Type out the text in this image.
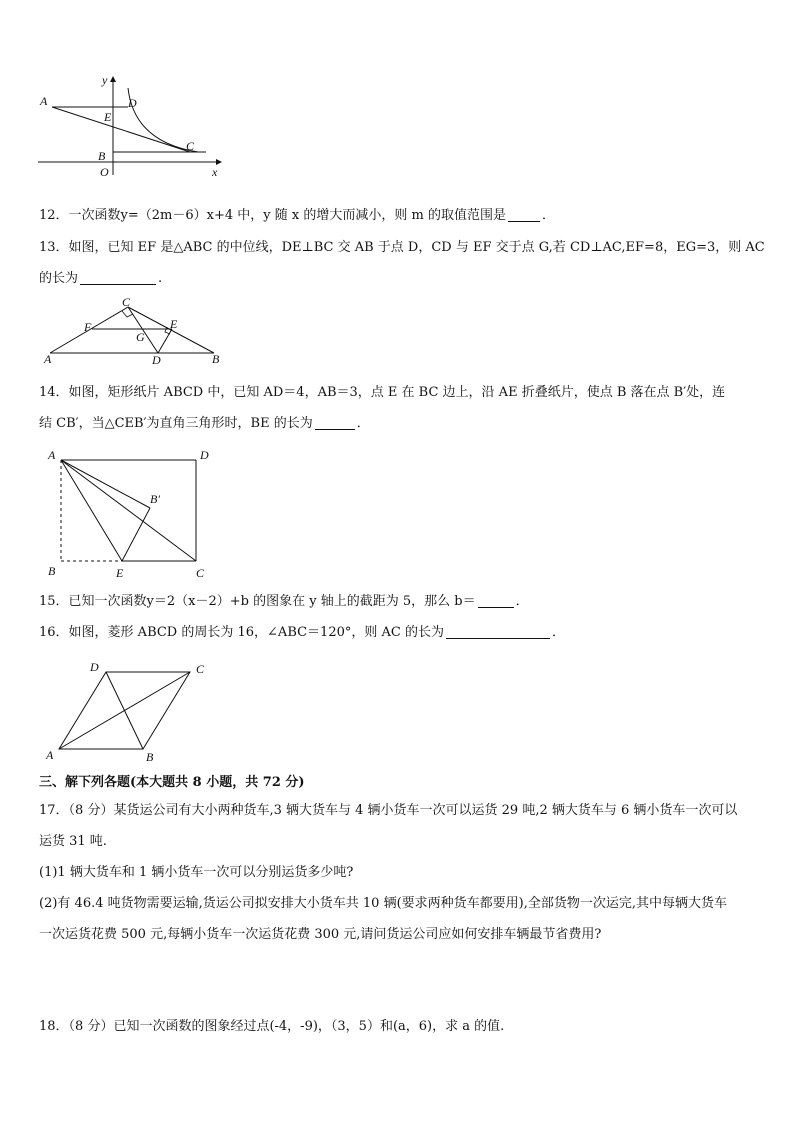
y
x
A	D
E
C
B
O
12．一次函数y=（2m－6）x+4 中，y 随 x 的增大而减小，则 m 的取值范围是	．
13．如图，已知 EF 是△ABC 的中位线，DE⊥BC 交 AB 于点 D，CD 与 EF 交于点 G,若 CD⊥AC,EF=8，EG=3，则 AC
的长为	.
C
F	E
G
A	D	B
14．如图，矩形纸片 ABCD 中，已知 AD＝4，AB＝3，点 E 在 BC 边上，沿 AE 折叠纸片，使点 B 落在点 B′处，连
结 CB′，当△CEB′为直角三角形时，BE 的长为	．
A	D
B′
B	E	C
15．已知一次函数y＝2（x－2）+b 的图象在 y 轴上的截距为 5，那么 b＝	．
16．如图，菱形 ABCD 的周长为 16，∠ABC＝120°，则 AC 的长为	．
D	C
A	B
三、解下列各题(本大题共 8 小题，共 72 分)
17．（8 分）某货运公司有大小两种货车,3 辆大货车与 4 辆小货车一次可以运货 29 吨,2 辆大货车与 6 辆小货车一次可以
运货 31 吨.
(1)1 辆大货车和 1 辆小货车一次可以分别运货多少吨?
(2)有 46.4 吨货物需要运输,货运公司拟安排大小货车共 10 辆(要求两种货车都要用),全部货物一次运完,其中每辆大货车
一次运货花费 500 元,每辆小货车一次运货花费 300 元,请问货运公司应如何安排车辆最节省费用?
18．（8 分）已知一次函数的图象经过点(-4，-9)，（3，5）和(a，6)，求 a 的值.
